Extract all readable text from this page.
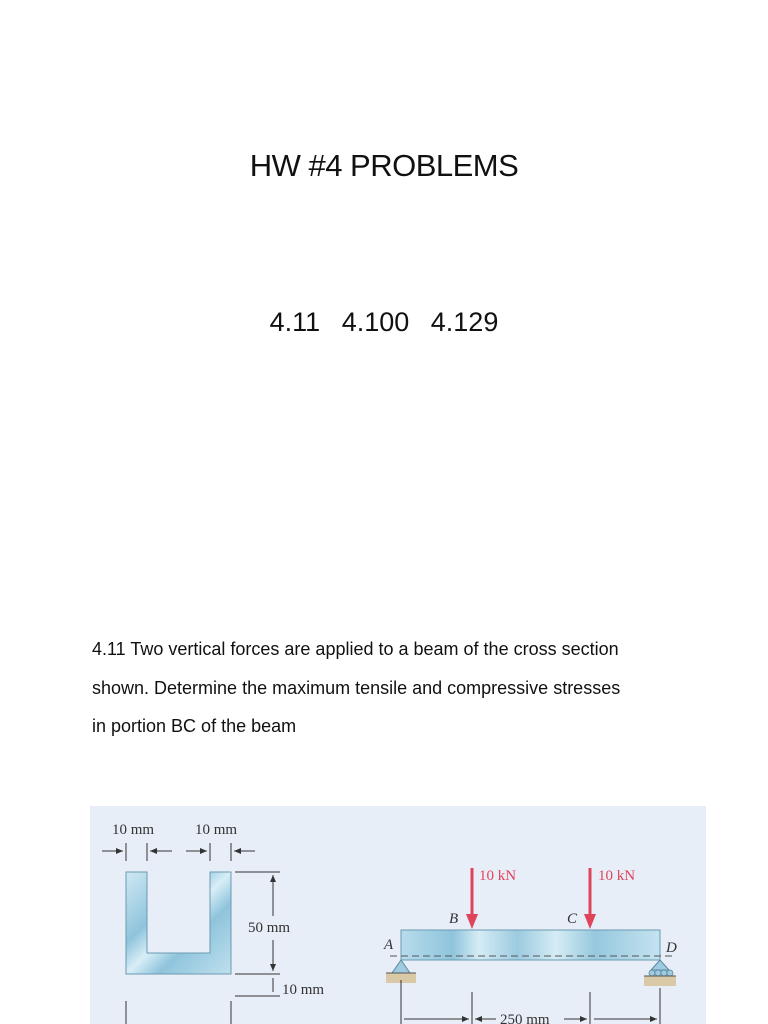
HW #4 PROBLEMS
4.11 4.100 4.129
4.11 Two vertical forces are applied to a beam of the cross section
shown. Determine the maximum tensile and compressive stresses
in portion BC of the beam
10 mm	10 mm
50 mm
10 mm
10 kN	10 kN
A
B	C
D
250 mm
